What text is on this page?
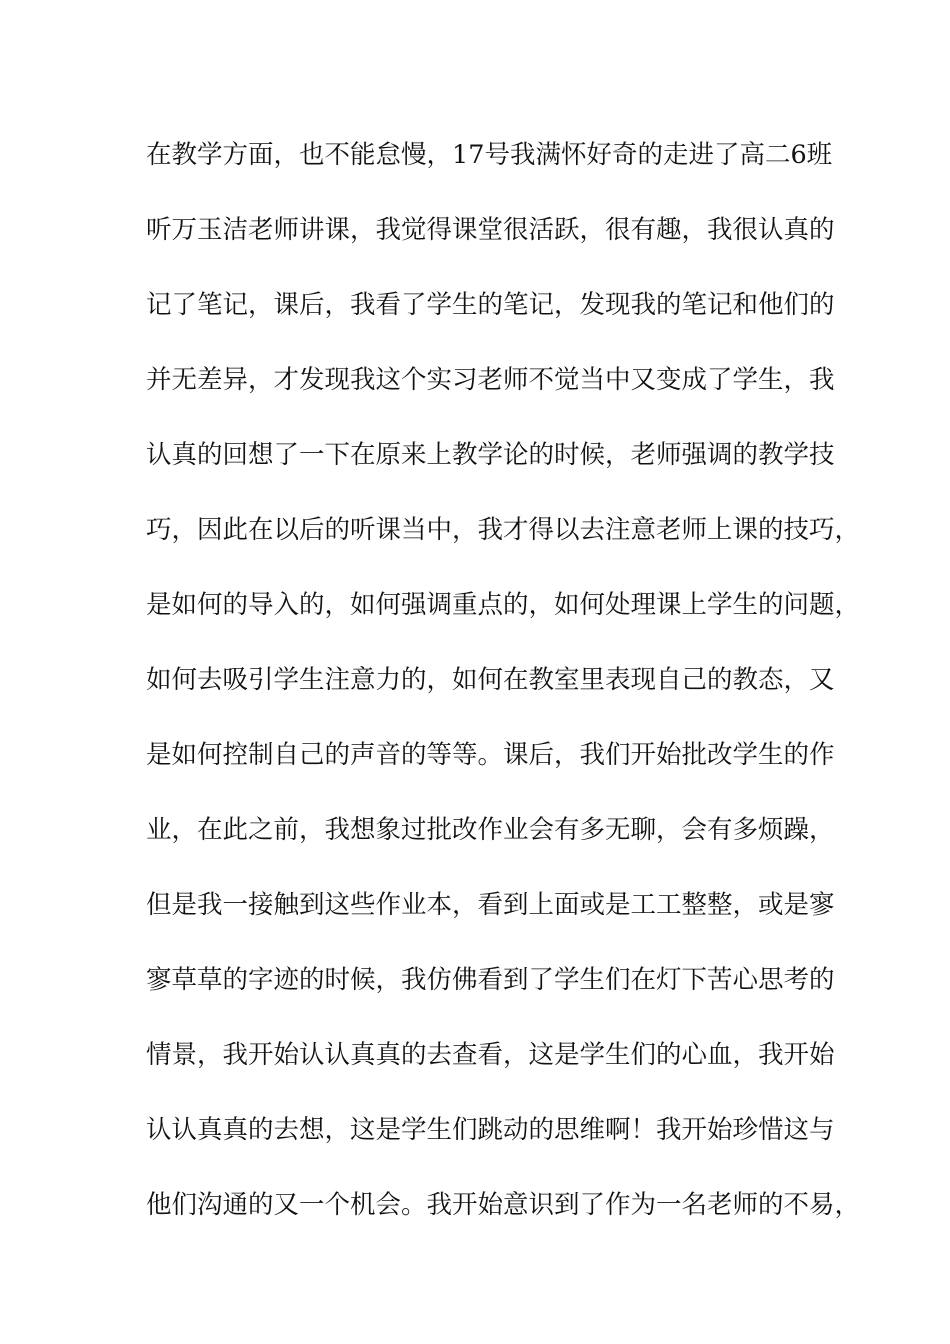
在教学方面，也不能怠慢，17号我满怀好奇的走进了高二6班
听万玉洁老师讲课，我觉得课堂很活跃，很有趣，我很认真的
记了笔记，课后，我看了学生的笔记，发现我的笔记和他们的
并无差异，才发现我这个实习老师不觉当中又变成了学生，我
认真的回想了一下在原来上教学论的时候，老师强调的教学技
巧，因此在以后的听课当中，我才得以去注意老师上课的技巧，
是如何的导入的，如何强调重点的，如何处理课上学生的问题，
如何去吸引学生注意力的，如何在教室里表现自己的教态，又
是如何控制自己的声音的等等。课后，我们开始批改学生的作
业，在此之前，我想象过批改作业会有多无聊，会有多烦躁，
但是我一接触到这些作业本，看到上面或是工工整整，或是寥
寥草草的字迹的时候，我仿佛看到了学生们在灯下苦心思考的
情景，我开始认认真真的去查看，这是学生们的心血，我开始
认认真真的去想，这是学生们跳动的思维啊！我开始珍惜这与
他们沟通的又一个机会。我开始意识到了作为一名老师的不易，
